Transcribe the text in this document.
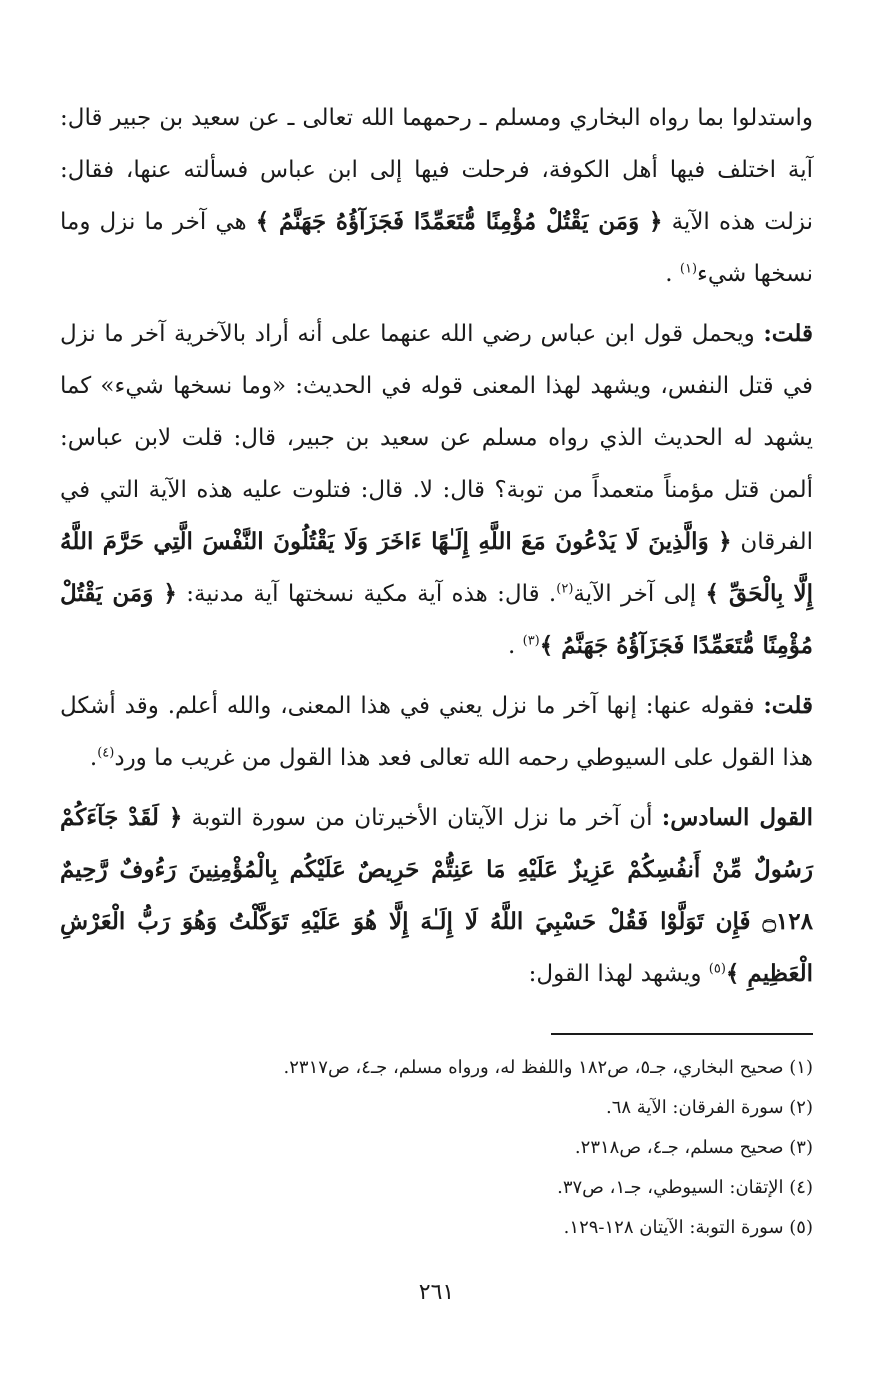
واستدلوا بما رواه البخاري ومسلم ـ رحمهما الله تعالى ـ عن سعيد بن جبير قال: آية اختلف فيها أهل الكوفة، فرحلت فيها إلى ابن عباس فسألته عنها، فقال: نزلت هذه الآية ﴿ وَمَن يَقْتُلْ مُؤْمِنًا مُّتَعَمِّدًا فَجَزَآؤُهُ جَهَنَّمُ ﴾ هي آخر ما نزل وما نسخها شيء$^{(١)}$ .

قلت: ويحمل قول ابن عباس رضي الله عنهما على أنه أراد بالآخرية آخر ما نزل في قتل النفس، ويشهد لهذا المعنى قوله في الحديث: «وما نسخها شيء» كما يشهد له الحديث الذي رواه مسلم عن سعيد بن جبير، قال: قلت لابن عباس: ألمن قتل مؤمناً متعمداً من توبة؟ قال: لا. قال: فتلوت عليه هذه الآية التي في الفرقان ﴿ وَالَّذِينَ لَا يَدْعُونَ مَعَ اللَّهِ إِلَـٰهًا ءَاخَرَ وَلَا يَقْتُلُونَ النَّفْسَ الَّتِي حَرَّمَ اللَّهُ إِلَّا بِالْحَقِّ ﴾ إلى آخر الآية$^{(٢)}$. قال: هذه آية مكية نسختها آية مدنية: ﴿ وَمَن يَقْتُلْ مُؤْمِنًا مُّتَعَمِّدًا فَجَزَآؤُهُ جَهَنَّمُ ﴾$^{(٣)}$ .

قلت: فقوله عنها: إنها آخر ما نزل يعني في هذا المعنى، والله أعلم. وقد أشكل هذا القول على السيوطي رحمه الله تعالى فعد هذا القول من غريب ما ورد$^{(٤)}$.

القول السادس: أن آخر ما نزل الآيتان الأخيرتان من سورة التوبة ﴿ لَقَدْ جَآءَكُمْ رَسُولٌ مِّنْ أَنفُسِكُمْ عَزِيزٌ عَلَيْهِ مَا عَنِتُّمْ حَرِيصٌ عَلَيْكُم بِالْمُؤْمِنِينَ رَءُوفٌ رَّحِيمٌ ۝١٢٨ فَإِن تَوَلَّوْا فَقُلْ حَسْبِيَ اللَّهُ لَا إِلَـٰهَ إِلَّا هُوَ عَلَيْهِ تَوَكَّلْتُ وَهُوَ رَبُّ الْعَرْشِ الْعَظِيمِ ﴾$^{(٥)}$ ويشهد لهذا القول:

(١) صحيح البخاري، جـ٥، ص١٨٢ واللفظ له، ورواه مسلم، جـ٤، ص٢٣١٧.
(٢) سورة الفرقان: الآية ٦٨.
(٣) صحيح مسلم، جـ٤، ص٢٣١٨.
(٤) الإتقان: السيوطي، جـ١، ص٣٧.
(٥) سورة التوبة: الآيتان ١٢٨-١٢٩.
٢٦١
